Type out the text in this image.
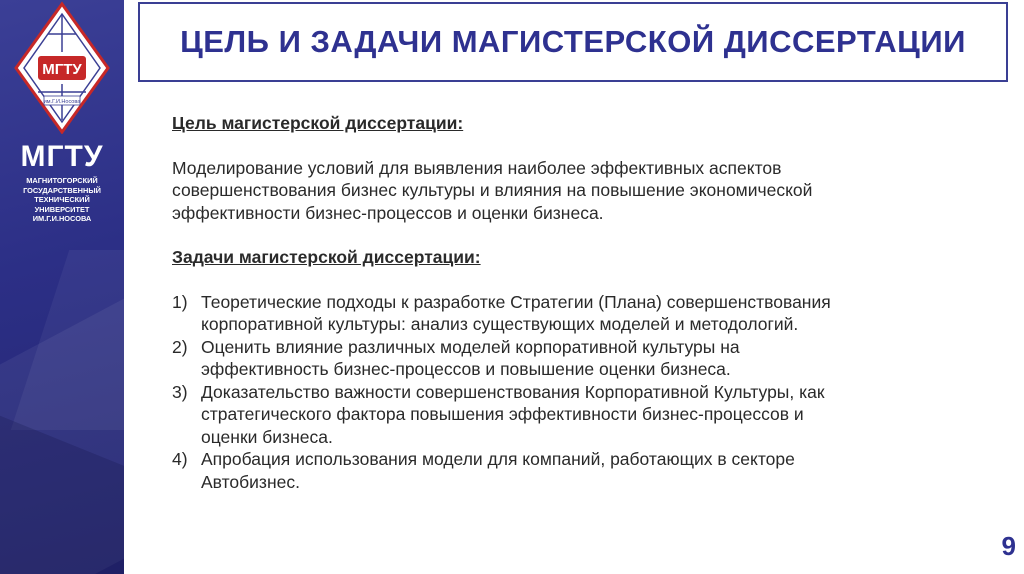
МГТУ
им.Г.И.Носова
МГТУ
МАГНИТОГОРСКИЙ
ГОСУДАРСТВЕННЫЙ
ТЕХНИЧЕСКИЙ
УНИВЕРСИТЕТ
ИМ.Г.И.НОСОВА
ЦЕЛЬ И ЗАДАЧИ МАГИСТЕРСКОЙ ДИССЕРТАЦИИ
Цель магистерской диссертации:

Моделирование условий для выявления наиболее эффективных аспектов

совершенствования бизнес культуры и влияния на повышение экономической

эффективности бизнес-процессов и оценки бизнеса.

Задачи магистерской диссертации:
1) Теоретические подходы к разработке Стратегии (Плана) совершенствования
корпоративной культуры: анализ существующих моделей и методологий.
2) Оценить влияние различных моделей корпоративной культуры на
эффективность бизнес-процессов и повышение оценки бизнеса.
3) Доказательство важности совершенствования Корпоративной Культуры, как
стратегического фактора повышения эффективности бизнес-процессов и
оценки бизнеса.
4) Апробация использования модели для компаний, работающих в секторе
Автобизнес.
9
